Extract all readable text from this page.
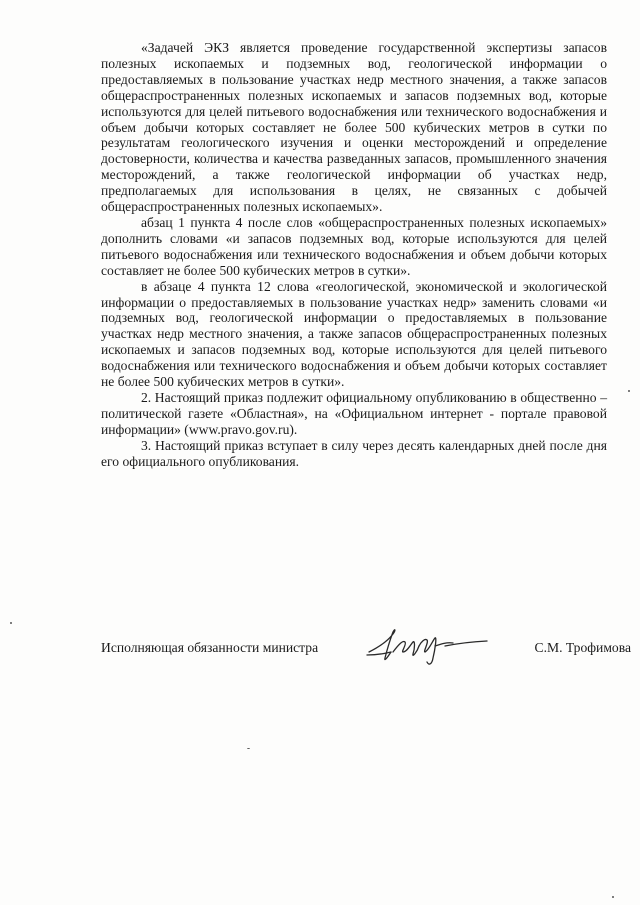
«Задачей ЭКЗ является проведение государственной экспертизы запасов полезных ископаемых и подземных вод, геологической информации о предоставляемых в пользование участках недр местного значения, а также запасов общераспространенных полезных ископаемых и запасов подземных вод, которые используются для целей питьевого водоснабжения или технического водоснабжения и объем добычи которых составляет не более 500 кубических метров в сутки по результатам геологического изучения и оценки месторождений и определение достоверности, количества и качества разведанных запасов, промышленного значения месторождений, а также геологической информации об участках недр, предполагаемых для использования в целях, не связанных с добычей общераспространенных полезных ископаемых».

абзац 1 пункта 4 после слов «общераспространенных полезных ископаемых» дополнить словами «и запасов подземных вод, которые используются для целей питьевого водоснабжения или технического водоснабжения и объем добычи которых составляет не более 500 кубических метров в сутки».

в абзаце 4 пункта 12 слова «геологической, экономической и экологической информации о предоставляемых в пользование участках недр» заменить словами «и подземных вод, геологической информации о предоставляемых в пользование участках недр местного значения, а также запасов общераспространенных полезных ископаемых и запасов подземных вод, которые используются для целей питьевого водоснабжения или технического водоснабжения и объем добычи которых составляет не более 500 кубических метров в сутки».

2. Настоящий приказ подлежит официальному опубликованию в общественно – политической газете «Областная», на «Официальном интернет - портале правовой информации» (www.pravo.gov.ru).

3. Настоящий приказ вступает в силу через десять календарных дней после дня его официального опубликования.

Исполняющая обязанности министра	С.М. Трофимова
